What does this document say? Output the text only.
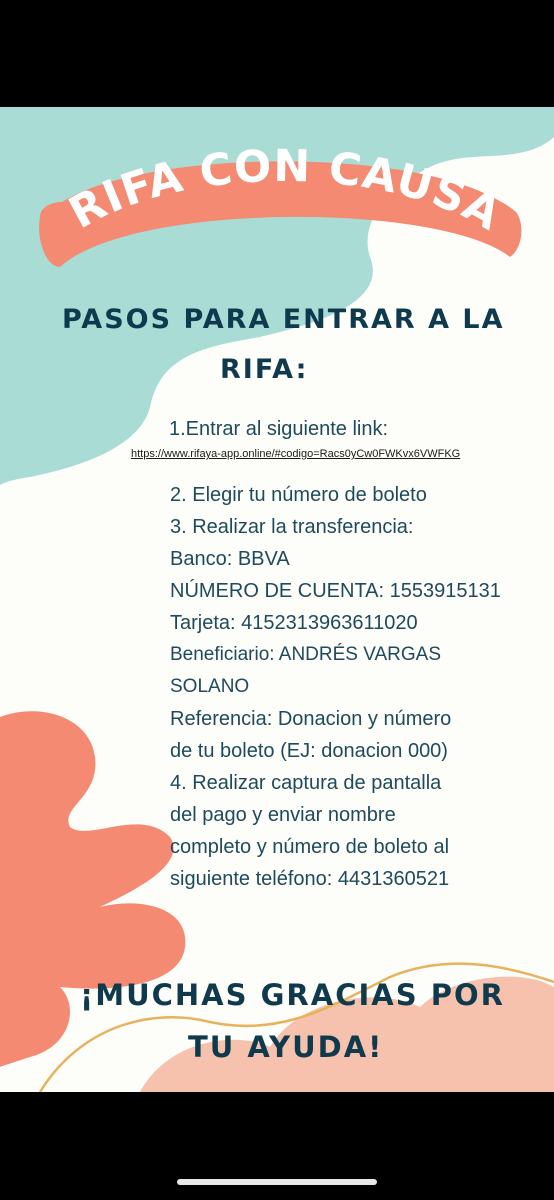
RIFA CON CAUSA
PASOS PARA ENTRAR A LA
RIFA:
1.Entrar al siguiente link:
https://www.rifaya-app.online/#codigo=Racs0yCw0FWKvx6VWFKG
2. Elegir tu número de boleto
3. Realizar la transferencia:
Banco: BBVA
NÚMERO DE CUENTA: 1553915131
Tarjeta: 4152313963611020
Beneficiario: ANDRÉS VARGAS
SOLANO
Referencia: Donacion y número
de tu boleto (EJ: donacion 000)
4. Realizar captura de pantalla
del pago y enviar nombre
completo y número de boleto al
siguiente teléfono: 4431360521
¡MUCHAS GRACIAS POR
TU AYUDA!
